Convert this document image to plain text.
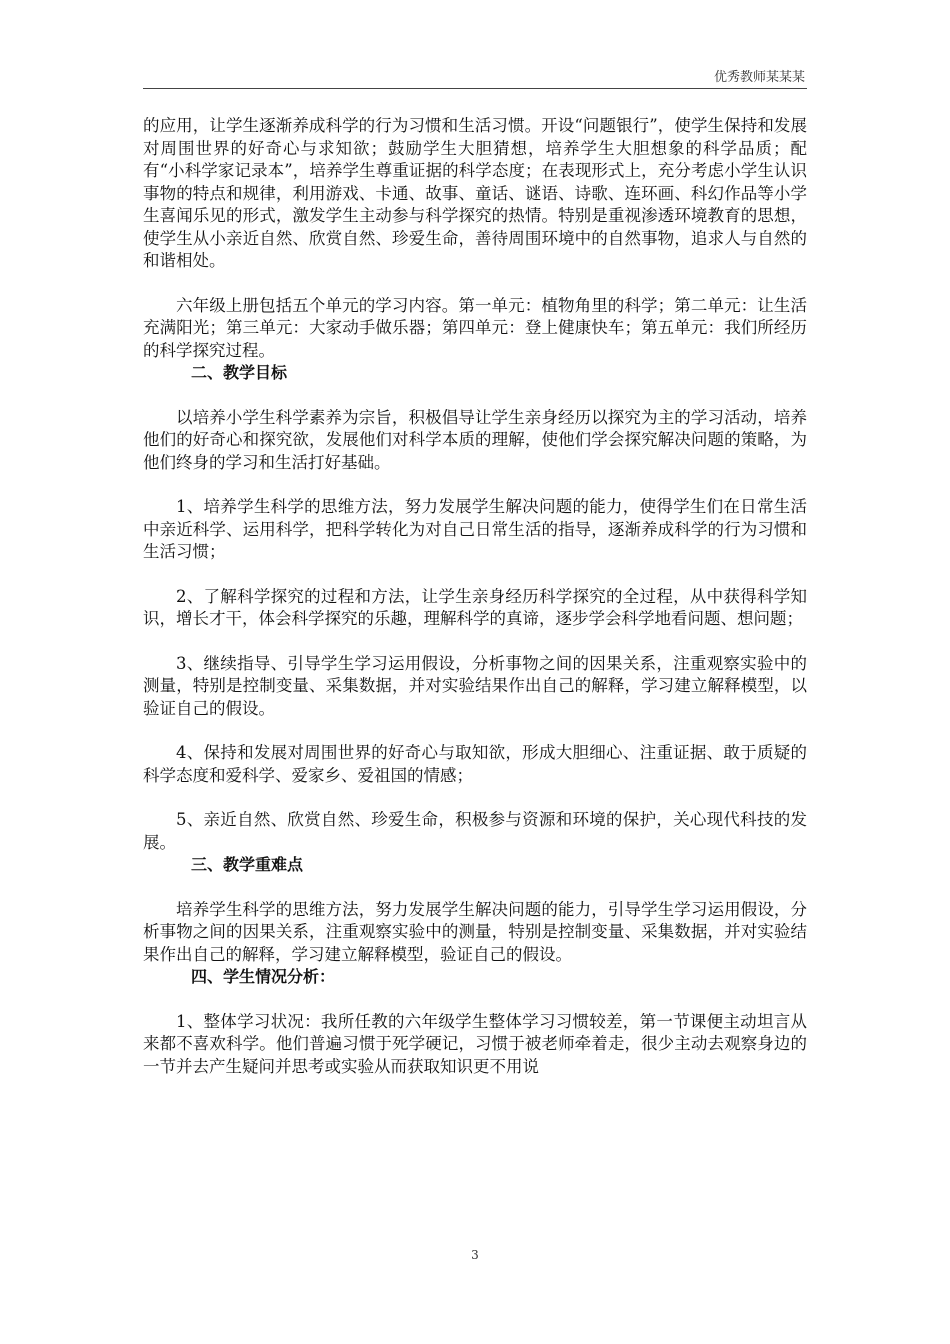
优秀教师某某某

的应用，让学生逐渐养成科学的行为习惯和生活习惯。开设“问题银行”，使学生保持和发展对周围世界的好奇心与求知欲；鼓励学生大胆猜想，培养学生大胆想象的科学品质；配有“小科学家记录本”，培养学生尊重证据的科学态度；在表现形式上，充分考虑小学生认识事物的特点和规律，利用游戏、卡通、故事、童话、谜语、诗歌、连环画、科幻作品等小学生喜闻乐见的形式，激发学生主动参与科学探究的热情。特别是重视渗透环境教育的思想，使学生从小亲近自然、欣赏自然、珍爱生命，善待周围环境中的自然事物，追求人与自然的和谐相处。

六年级上册包括五个单元的学习内容。第一单元：植物角里的科学；第二单元：让生活充满阳光；第三单元：大家动手做乐器；第四单元：登上健康快车；第五单元：我们所经历的科学探究过程。

二、教学目标

以培养小学生科学素养为宗旨，积极倡导让学生亲身经历以探究为主的学习活动，培养他们的好奇心和探究欲，发展他们对科学本质的理解，使他们学会探究解决问题的策略，为他们终身的学习和生活打好基础。

1、培养学生科学的思维方法，努力发展学生解决问题的能力，使得学生们在日常生活中亲近科学、运用科学，把科学转化为对自己日常生活的指导，逐渐养成科学的行为习惯和生活习惯；

2、了解科学探究的过程和方法，让学生亲身经历科学探究的全过程，从中获得科学知识，增长才干，体会科学探究的乐趣，理解科学的真谛，逐步学会科学地看问题、想问题；

3、继续指导、引导学生学习运用假设，分析事物之间的因果关系，注重观察实验中的测量，特别是控制变量、采集数据，并对实验结果作出自己的解释，学习建立解释模型，以验证自己的假设。

4、保持和发展对周围世界的好奇心与取知欲，形成大胆细心、注重证据、敢于质疑的科学态度和爱科学、爱家乡、爱祖国的情感；

5、亲近自然、欣赏自然、珍爱生命，积极参与资源和环境的保护，关心现代科技的发展。

三、教学重难点

培养学生科学的思维方法，努力发展学生解决问题的能力，引导学生学习运用假设，分析事物之间的因果关系，注重观察实验中的测量，特别是控制变量、采集数据，并对实验结果作出自己的解释，学习建立解释模型，验证自己的假设。

四、学生情况分析：

1、整体学习状况：我所任教的六年级学生整体学习习惯较差，第一节课便主动坦言从来都不喜欢科学。他们普遍习惯于死学硬记，习惯于被老师牵着走，很少主动去观察身边的一节并去产生疑问并思考或实验从而获取知识更不用说

3
